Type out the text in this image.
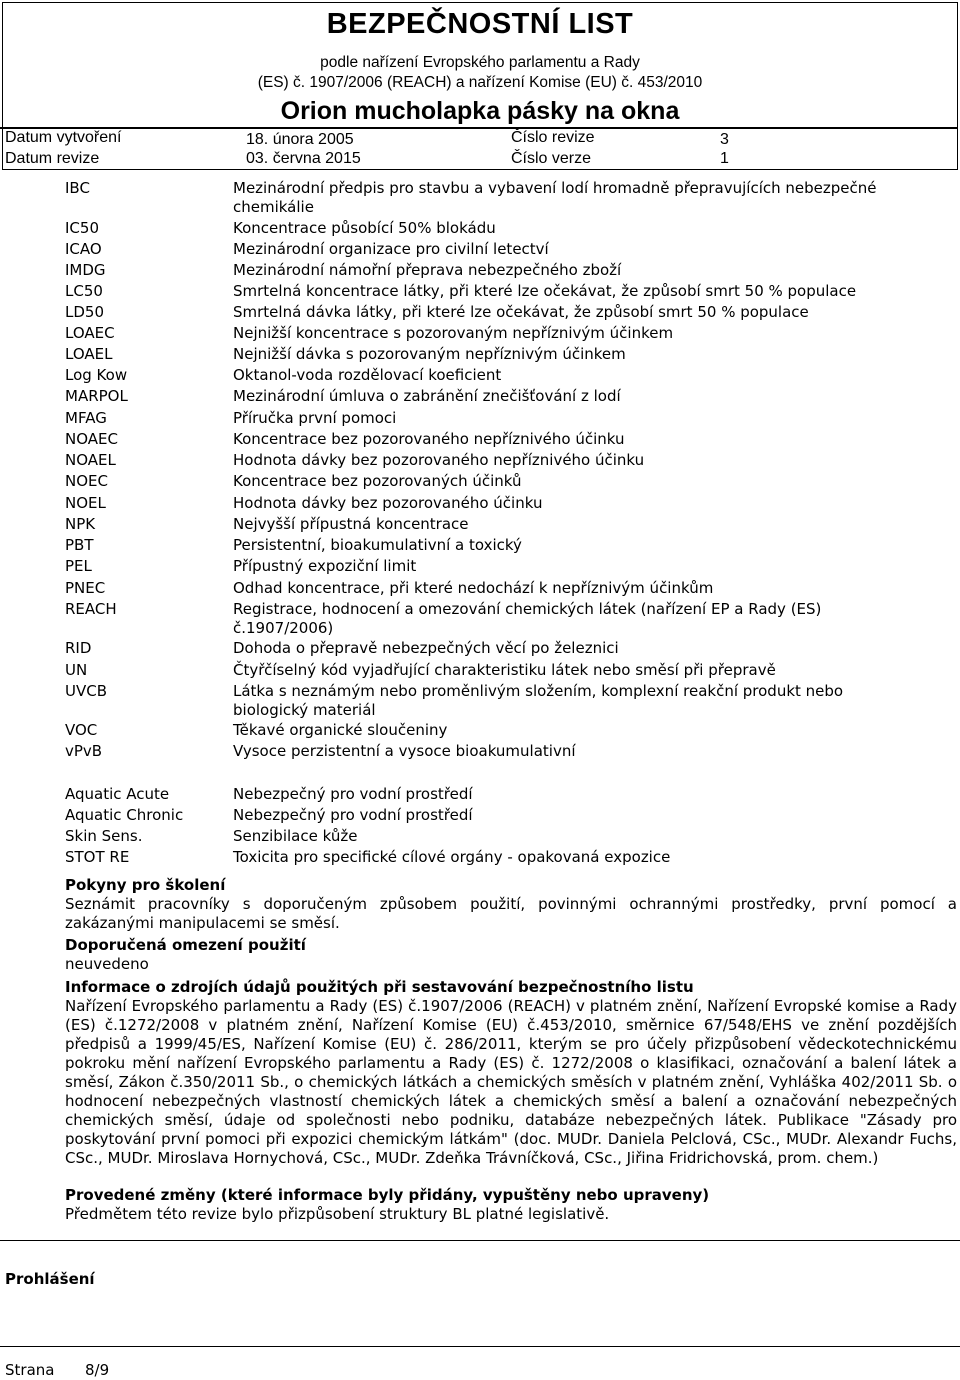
BEZPEČNOSTNÍ LIST
podle nařízení Evropského parlamentu a Rady
(ES) č. 1907/2006 (REACH) a nařízení Komise (EU) č. 453/2010
Orion mucholapka pásky na okna
Datum vytvoření	18. února 2005	Číslo revize	3
Datum revize	03. června 2015	Číslo verze	1
IBC	Mezinárodní předpis pro stavbu a vybavení lodí hromadně přepravujících nebezpečné chemikálie
IC50	Koncentrace působící 50% blokádu
ICAO	Mezinárodní organizace pro civilní letectví
IMDG	Mezinárodní námořní přeprava nebezpečného zboží
LC50	Smrtelná koncentrace látky, při které lze očekávat, že způsobí smrt 50 % populace
LD50	Smrtelná dávka látky, při které lze očekávat, že způsobí smrt 50 % populace
LOAEC	Nejnižší koncentrace s pozorovaným nepříznivým účinkem
LOAEL	Nejnižší dávka s pozorovaným nepříznivým účinkem
Log Kow	Oktanol-voda rozdělovací koeficient
MARPOL	Mezinárodní úmluva o zabránění znečišťování z lodí
MFAG	Příručka první pomoci
NOAEC	Koncentrace bez pozorovaného nepříznivého účinku
NOAEL	Hodnota dávky bez pozorovaného nepříznivého účinku
NOEC	Koncentrace bez pozorovaných účinků
NOEL	Hodnota dávky bez pozorovaného účinku
NPK	Nejvyšší přípustná koncentrace
PBT	Persistentní, bioakumulativní a toxický
PEL	Přípustný expoziční limit
PNEC	Odhad koncentrace, při které nedochází k nepříznivým účinkům
REACH	Registrace, hodnocení a omezování chemických látek (nařízení EP a Rady (ES) č.1907/2006)
RID	Dohoda o přepravě nebezpečných věcí po železnici
UN	Čtyřčíselný kód vyjadřující charakteristiku látek nebo směsí při přepravě
UVCB	Látka s neznámým nebo proměnlivým složením, komplexní reakční produkt nebo biologický materiál
VOC	Těkavé organické sloučeniny
vPvB	Vysoce perzistentní a vysoce bioakumulativní
Aquatic Acute	Nebezpečný pro vodní prostředí
Aquatic Chronic	Nebezpečný pro vodní prostředí
Skin Sens.	Senzibilace kůže
STOT RE	Toxicita pro specifické cílové orgány - opakovaná expozice
Pokyny pro školení
Seznámit pracovníky s doporučeným způsobem použití, povinnými ochrannými prostředky, první pomocí a zakázanými manipulacemi se směsí.
Doporučená omezení použití
neuvedeno
Informace o zdrojích údajů použitých při sestavování bezpečnostního listu
Nařízení Evropského parlamentu a Rady (ES) č.1907/2006 (REACH) v platném znění, Nařízení Evropské komise a Rady (ES) č.1272/2008 v platném znění, Nařízení Komise (EU) č.453/2010, směrnice 67/548/EHS ve znění pozdějších předpisů a 1999/45/ES, Nařízení Komise (EU) č. 286/2011, kterým se pro účely přizpůsobení vědeckotechnickému pokroku mění nařízení Evropského parlamentu a Rady (ES) č. 1272/2008 o klasifikaci, označování a balení látek a směsí, Zákon č.350/2011 Sb., o chemických látkách a chemických směsích v platném znění, Vyhláška 402/2011 Sb. o hodnocení nebezpečných vlastností chemických látek a chemických směsí a balení a označování nebezpečných chemických směsí, údaje od společnosti nebo podniku, databáze nebezpečných látek. Publikace "Zásady pro poskytování první pomoci při expozici chemickým látkám" (doc. MUDr. Daniela Pelclová, CSc., MUDr. Alexandr Fuchs, CSc., MUDr. Miroslava Hornychová, CSc., MUDr. Zdeňka Trávníčková, CSc., Jiřina Fridrichovská, prom. chem.)
Provedené změny (které informace byly přidány, vypuštěny nebo upraveny)
Předmětem této revize bylo přizpůsobení struktury BL platné legislativě.
Prohlášení
Strana 8/9
